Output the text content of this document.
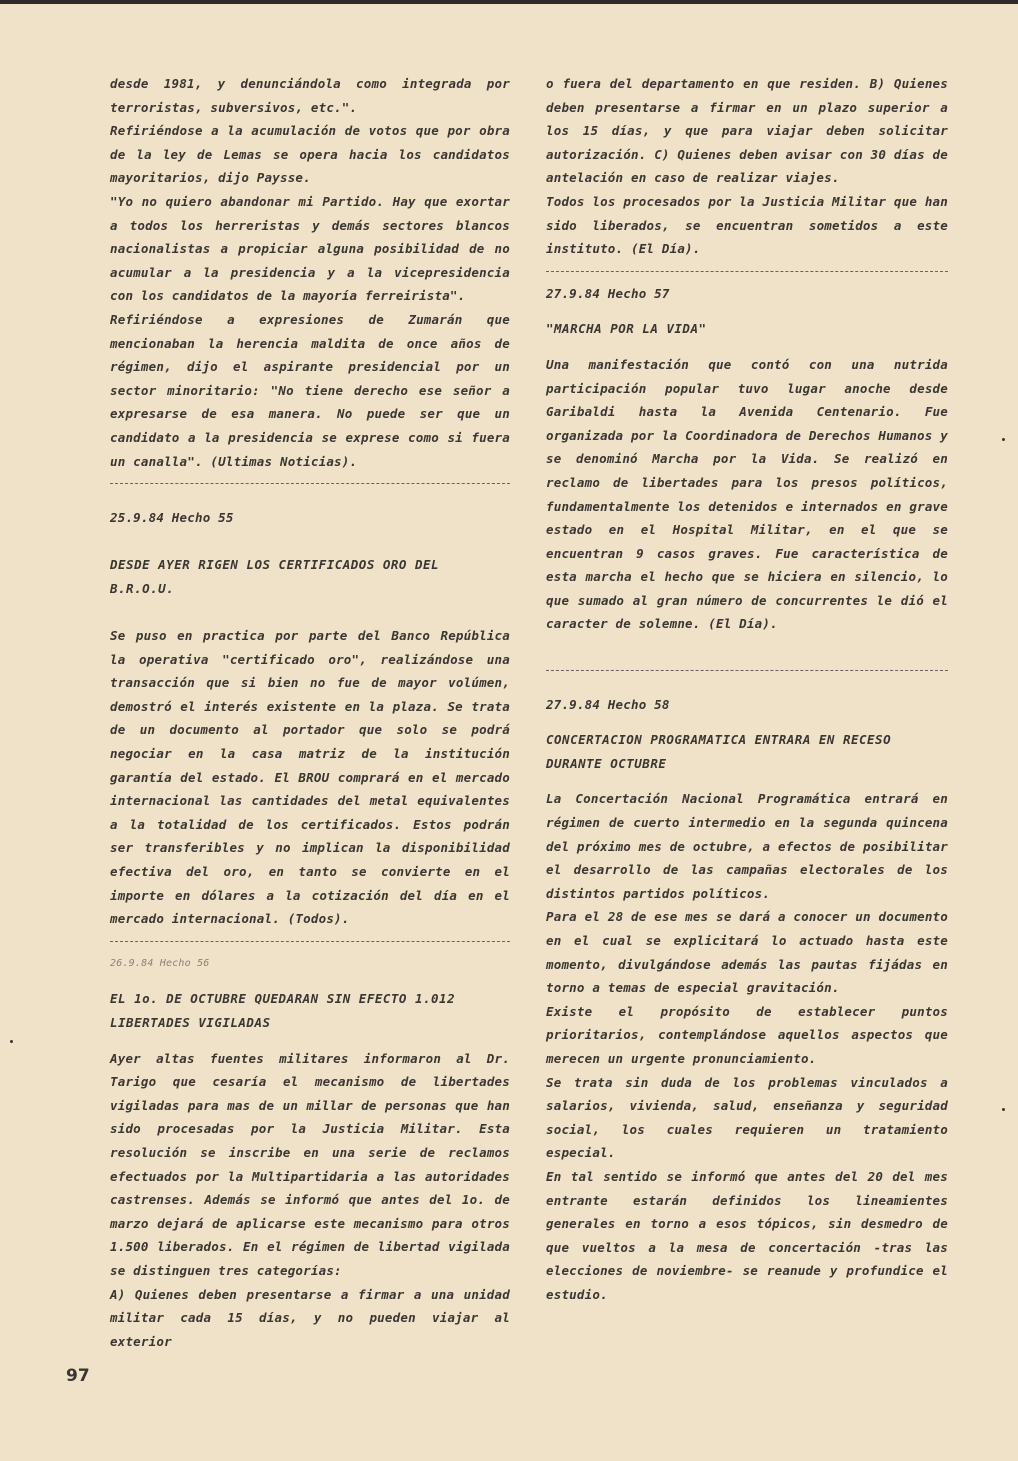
desde 1981, y denunciándola como integrada por terroristas, subversivos, etc.".

Refiriéndose a la acumulación de votos que por obra de la ley de Lemas se opera hacia los candidatos mayoritarios, dijo Paysse.

"Yo no quiero abandonar mi Partido. Hay que exortar a todos los herreristas y demás sectores blancos nacionalistas a propiciar alguna posibilidad de no acumular a la presidencia y a la vicepresidencia con los candidatos de la mayoría ferreirista".

Refiriéndose a expresiones de Zumarán que mencionaban la herencia maldita de once años de régimen, dijo el aspirante presidencial por un sector minoritario: "No tiene derecho ese señor a expresarse de esa manera. No puede ser que un candidato a la presidencia se exprese como si fuera un canalla". (Ultimas Noticias).

25.9.84 Hecho 55

DESDE AYER RIGEN LOS CERTIFICADOS ORO DEL B.R.O.U.

Se puso en practica por parte del Banco República la operativa "certificado oro", realizándose una transacción que si bien no fue de mayor volúmen, demostró el interés existente en la plaza. Se trata de un documento al portador que solo se podrá negociar en la casa matriz de la institución garantía del estado. El BROU comprará en el mercado internacional las cantidades del metal equivalentes a la totalidad de los certificados. Estos podrán ser transferibles y no implican la disponibilidad efectiva del oro, en tanto se convierte en el importe en dólares a la cotización del día en el mercado internacional. (Todos).

26.9.84 Hecho 56

EL 1o. DE OCTUBRE QUEDARAN SIN EFECTO 1.012 LIBERTADES VIGILADAS

Ayer altas fuentes militares informaron al Dr. Tarigo que cesaría el mecanismo de libertades vigiladas para mas de un millar de personas que han sido procesadas por la Justicia Militar. Esta resolución se inscribe en una serie de reclamos efectuados por la Multipartidaria a las autoridades castrenses. Además se informó que antes del 1o. de marzo dejará de aplicarse este mecanismo para otros 1.500 liberados. En el régimen de libertad vigilada se distinguen tres categorías:

A) Quienes deben presentarse a firmar a una unidad militar cada 15 días, y no pueden viajar al exterior

o fuera del departamento en que residen. B) Quienes deben presentarse a firmar en un plazo superior a los 15 días, y que para viajar deben solicitar autorización. C) Quienes deben avisar con 30 días de antelación en caso de realizar viajes.

Todos los procesados por la Justicia Militar que han sido liberados, se encuentran sometidos a este instituto. (El Día).

27.9.84 Hecho 57

"MARCHA POR LA VIDA"

Una manifestación que contó con una nutrida participación popular tuvo lugar anoche desde Garibaldi hasta la Avenida Centenario. Fue organizada por la Coordinadora de Derechos Humanos y se denominó Marcha por la Vida. Se realizó en reclamo de libertades para los presos políticos, fundamentalmente los detenidos e internados en grave estado en el Hospital Militar, en el que se encuentran 9 casos graves. Fue característica de esta marcha el hecho que se hiciera en silencio, lo que sumado al gran número de concurrentes le dió el caracter de solemne. (El Día).

27.9.84 Hecho 58

CONCERTACION PROGRAMATICA ENTRARA EN RECESO DURANTE OCTUBRE

La Concertación Nacional Programática entrará en régimen de cuerto intermedio en la segunda quincena del próximo mes de octubre, a efectos de posibilitar el desarrollo de las campañas electorales de los distintos partidos políticos.

Para el 28 de ese mes se dará a conocer un documento en el cual se explicitará lo actuado hasta este momento, divulgándose además las pautas fijádas en torno a temas de especial gravitación.

Existe el propósito de establecer puntos prioritarios, contemplándose aquellos aspectos que merecen un urgente pronunciamiento.

Se trata sin duda de los problemas vinculados a salarios, vivienda, salud, enseñanza y seguridad social, los cuales requieren un tratamiento especial.

En tal sentido se informó que antes del 20 del mes entrante estarán definidos los lineamientes generales en torno a esos tópicos, sin desmedro de que vueltos a la mesa de concertación -tras las elecciones de noviembre- se reanude y profundice el estudio.

97
